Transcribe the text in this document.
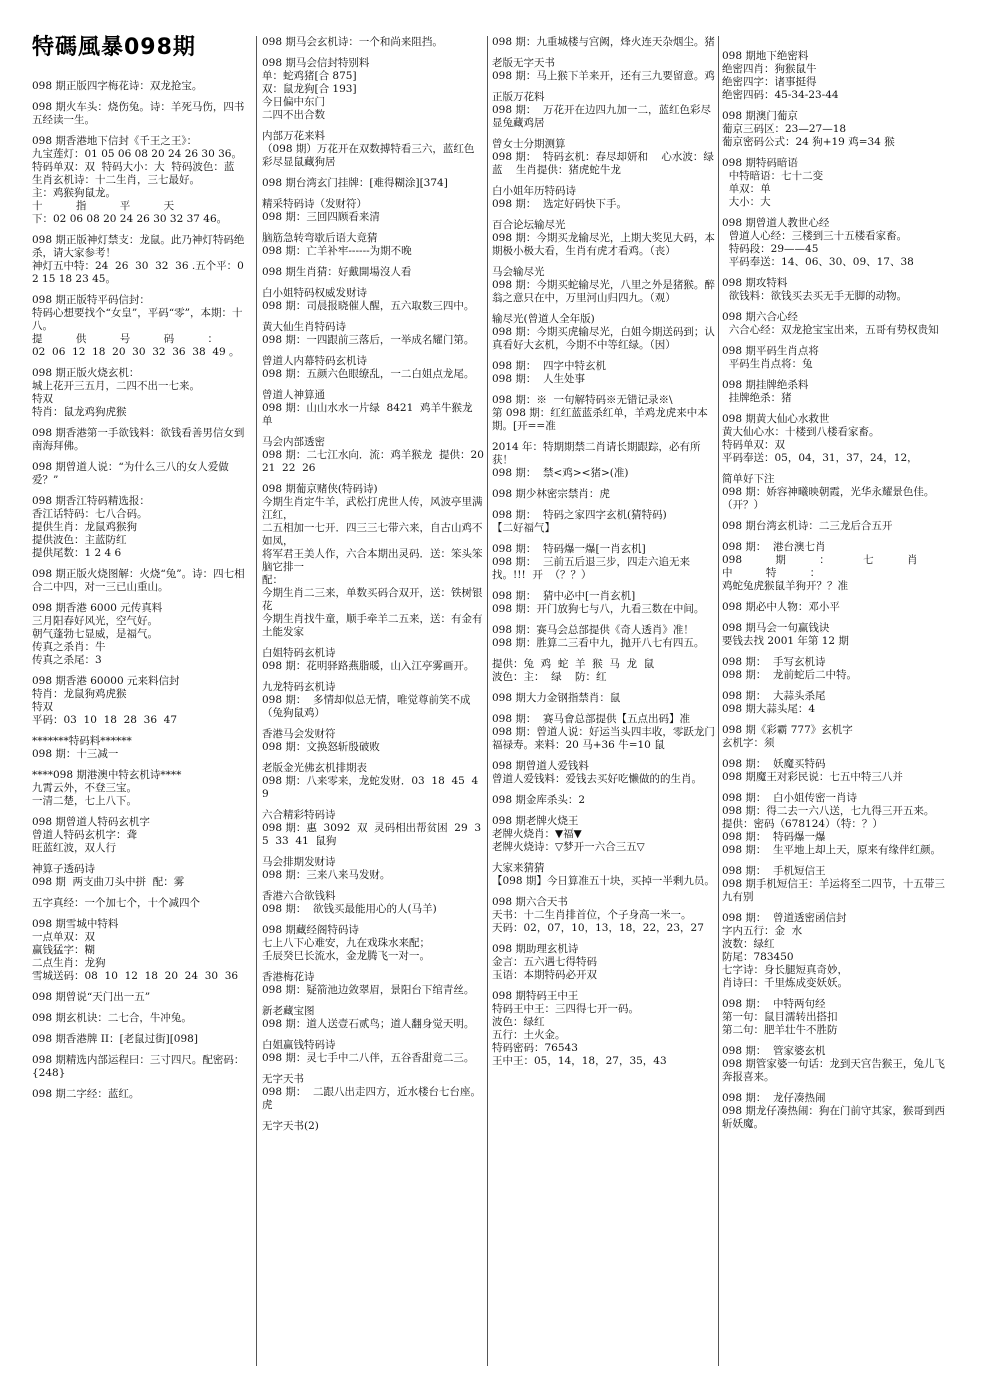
特碼風暴098期
098 期正版四字梅花诗：双龙抢宝。
098 期火车头：烧伤兔。诗：羊死马伤，四书五经读一生。
098 期香港地下信封《千王之王》：
九宝莲灯：01 05 06 08 20 24 26 30 36。
特码单双：双  特码大小：大  特码波色：蓝
生肖玄机诗：十二生肖，三七最好。
主：鸡猴狗鼠龙。
十          指          平          天
下：02 06 08 20 24 26 30 32 37 46。
098 期正版神灯禁支：龙鼠。此乃神灯特码绝杀，请大家参考！
神灯五中特：24  26  30  32  36 .五个平：02 15 18 23 45。
098 期正版特平码信封：
特码心想要找个“女皇”，平码“零”，本期：十八。
提          供          号          码          ：
02  06  12  18  20  30  32  36  38  49 。
098 期正版火烧玄机：
城上花开三五月，二四不出一七来。
特双
特肖：鼠龙鸡狗虎猴
098 期香港第一手欲钱料：欲钱看善男信女到南海拜佛。
098 期曾道人说：“为什么三八的女人爱做爱？”
098 期香江特码精选报：
香江话特码：七八合码。
提供生肖：龙鼠鸡猴狗
提供波色：主蓝防红
提供尾数：1 2 4 6
098 期正版火烧图解：火烧“兔”。诗：四七相合二中四，对一三已山重山。
098 期香港 6000 元传真料
三月阳春好风光，空气好。
朝气蓬勃七显威，是福气。
传真之杀肖：牛
传真之杀尾：3
098 期香港 60000 元来料信封
特肖：龙鼠狗鸡虎猴
特双
平码：03  10  18  28  36  47
*******特码料******
098 期：十三减一
****098 期港澳中特玄机诗****
九霄云外，不登三宝。
一清二楚，七上八下。
098 期曾道人特码玄机字
曾道人特码玄机字：聋
旺蓝红波，双人行
神算子透码诗
098 期  两支曲刀头中拼  配：雾
五字真经：一个加七个，十个减四个
098 期雪城中特料
一点单双：双
赢钱猛字：糊
二点生肖：龙狗
雪城送码：08  10  12  18  20  24  30  36
098 期曾说“天门出一五”
098 期玄机诀：二七合，牛冲兔。
098 期香港牌 II：[老鼠过街][098]
098 期精选内部运程曰：三寸四尺。配密码：{248}
098 期二字经：蓝红。
098 期马会玄机诗：一个和尚来阻挡。
098 期马会信封特别料
单：蛇鸡猪[合 875]
双：鼠龙狗[合 193]
今日偏中东门
二四不出合数
内部万花来料
（098 期）万花开在双数搏特看三六，蓝红色彩尽显鼠藏狗居
098 期台湾玄门挂牌：[难得糊涂][374]
精采特码诗（发财符）
098 期：三回四顾看来清
脑筋急转弯歇后语大竟猜
098 期：亡羊补牢------为期不晚
098 期生肖猜：好戴開場沒人看
白小姐特码权威发财诗
098 期：司晨报晓催人醒，五六取数三四中。
黄大仙生肖特码诗
098 期：一四跟前三落后，一举成名耀门第。
曾道人内幕特码玄机诗
098 期：五颜六色眼缭乱，一二白姐点龙尾。
曾道人神算通
098 期：山山水水一片绿  8421  鸡羊牛猴龙  单
马会内部透密
098 期：二七江水向．流：鸡羊猴龙  提供：20  21  22  26
098 期葡京赌侠(特码诗)
今期生肖定牛羊，武松打虎世人传，风波亭里满江红，
二五相加一七开．四三三七带六来，自古山鸡不如凤，
将军君王美人作，六合本期出灵码．送：笨头笨脑它排一
配：
今期生肖二三来，单数买码合双开，送：铁树银花
今期生肖找牛童，顺手牵羊二五来，送：有金有土能发家
白姐特码玄机诗
098 期：花明驿路燕脂暖，山入江亭雾画开。
九龙特码玄机诗
098 期：  多情却似总无情，唯觉尊前笑不成（兔狗鼠鸡）
香港马会发财符
098 期：文换怒斩殷破败
老版金光佛玄机排期表
098 期：八来零来，龙蛇发财．03  18  45  49
六合精彩特码诗
098 期：惠  3092  双  灵码相出帮贫困  29  35  33  41  鼠狗
马会排期发财诗
098 期：三来八来马发财。
香港六合欲钱料
098 期：  欲钱买最能用心的人(马羊)
098 期藏经阁特码诗
七上八下心难安，九在戏珠水来配；
壬辰癸巳长流水，金龙腾飞一对一。
香港梅花诗
098 期：疑箭池边敛翠眉，景阳台下绾青丝。
新老藏宝图
098 期：道人送壹石贰鸟；道人翻身觉天明。
白姐赢钱特码诗
098 期：灵七手中二八伴，五谷香甜竟二三。
无字天书
098 期：  二跟八出走四方，近水楼台七台座。  虎
无字天书(2)
098 期：九重城楼与宫阙，烽火连天杂烟尘。猪
老版无字天书
098 期：马上猴下羊来开，还有三九要留意。鸡
正版万花料
098 期：  万花开在边四九加一二，蓝红色彩尽显兔藏鸡居
曾女士分期测算
098 期：  特码玄机：春尽却妍和    心水波：绿蓝    生肖提供：猪虎蛇牛龙
白小姐年历特码诗
098 期：  选定好码快下手。
百合论坛输尽光
098 期：今期买龙输尽光，上期大奖见大码，本期极小极大看，生肖有虎才看鸡。（丧）
马会输尽光
098 期：今期买蛇输尽光，八里之外是猪猴。醉翁之意只在中，万里河山归四九。（观）
输尽光(曾道人全年版)
098 期：今期买虎输尽光，白姐今期送码到；认真看好大玄机，今期不中等红绿。（因）
098 期：  四字中特玄机
098 期：  人生处事
098 期：※  一句解特码※无错记录※\
第 098 期：红红蓝蓝杀红单，羊鸡龙虎来中本期。[开==准
2014 年：特期期禁二肖请长期跟踪，必有所获！
098 期：  禁<鸡><猪>(准)
098 期少林密宗禁肖：虎
098 期：  特码之家四字玄机(猜特码)
【二好福气】
098 期：  特码爆一爆[一肖玄机]
098 期：  三前五后退三步，四走六追无来找。!!!  开  （？？）
098 期：  猜中必中[一肖玄机]
098 期：开门放狗七与八，九看三数在中间。
098 期：赛马会总部提供《奇人透肖》准！
098 期：胜算二三看中九，抛开八七有四五。
提供：兔  鸡  蛇  羊  猴  马  龙  鼠
波色：主：  绿    防：红
098 期大力金钢指禁肖：鼠
098 期：  赛马會总部提供【五点出码】准
098 期：曾道人说：好运当头四丰收，零跃龙门福禄寿。来料：20 马+36 牛=10 鼠
098 期曾道人爱钱料
曾道人爱钱料：爱钱去买好吃懒做的的生肖。
098 期金库杀头：2
098 期老牌火烧王
老牌火烧肖：▼福▼
老牌火烧诗：▽梦开一六合三五▽
大家来猜猜
【098 期】今日算准五十块，买掉一半剩九员。
098 期六合天书
天书：十二生肖排首位，个子身高一米一。
天码：02，07，10，13，18，22，23，27
098 期助理玄机诗
金言：五六遇七得特码
玉语：本期特码必开双
098 期特码王中王
特码王中王：三四得七开一码。
波色：绿红
五行：土火金。
特码密码：76543
王中王：05，14，18，27，35，43
098 期地下绝密料
绝密四肖：狗猴鼠牛
绝密四字：诸事挺得
绝密四码：45-34-23-44
098 期澳门葡京
葡京三码区：23—27—18
葡京密码公式：24 狗+19 鸡=34 猴
098 期特码暗语
中特暗语：七十二变
单双：单
大小：大
098 期曾道人教世心经
曾道人心经：三楼到三十五楼看家畜。
特码段：29——45
平码奉送：14、06、30、09、17、38
098 期攻特料
欲钱料：欲钱买去买无手无脚的动物。
098 期六合心经
六合心经：双龙抢宝宝出来，五哥有势权贵知
098 期平码生肖点将
平码生肖点将：兔
098 期挂牌绝杀料
挂牌绝杀：猪
098 期黄大仙心水救世
黄大仙心水：十楼到八楼看家畜。
特码单双：双
平码奉送：05，04，31，37，24，12，
简单好下注
098 期：娇容神曦映朝霞，光华永耀景色佳。（开？）
098 期台湾玄机诗：二三龙后合五开
098 期：  港台澳七肖
098          期          ：          七          肖          中          特          ：
鸡蛇兔虎猴鼠羊狗开？？准
098 期必中人物：邓小平
098 期马会一句赢钱诀
要钱去找 2001 年第 12 期
098 期：  手写玄机诗
098 期：  龙前蛇后二中特。
098 期：  大蒜头杀尾
098 期大蒜头尾：4
098 期《彩霸 777》玄机字
玄机字：须
098 期：  妖魔买特码
098 期魔王对彩民说：七五中特三八并
098 期：  白小姐传密一肖诗
098 期：得二去一六八送，七九得三开五来。
提供：密码（678124）（特：？）
098 期：  特码爆一爆
098 期：  生平地上却上天，原来有缘伴红颜。
098 期：  手机短信王
098 期手机短信王：羊运将至二四节，十五带三九有别
098 期：  曾道透密函信封
字内五行：金  水
波数：绿红
防尾：783450
七字诗：身长腿短真奇妙，
肖诗曰：千里炼成变妖妖。
098 期：  中特两句经
第一句：鼠目濡转出搭扣
第二句：肥羊壮牛不胜防
098 期：  管家婆玄机
098 期管家婆一句话：龙到天宫告猴王，兔儿飞奔报喜来。
098 期：  龙仔凑热闹
098 期龙仔凑热闹：狗在门前守其家，猴哥到西斩妖魔。
